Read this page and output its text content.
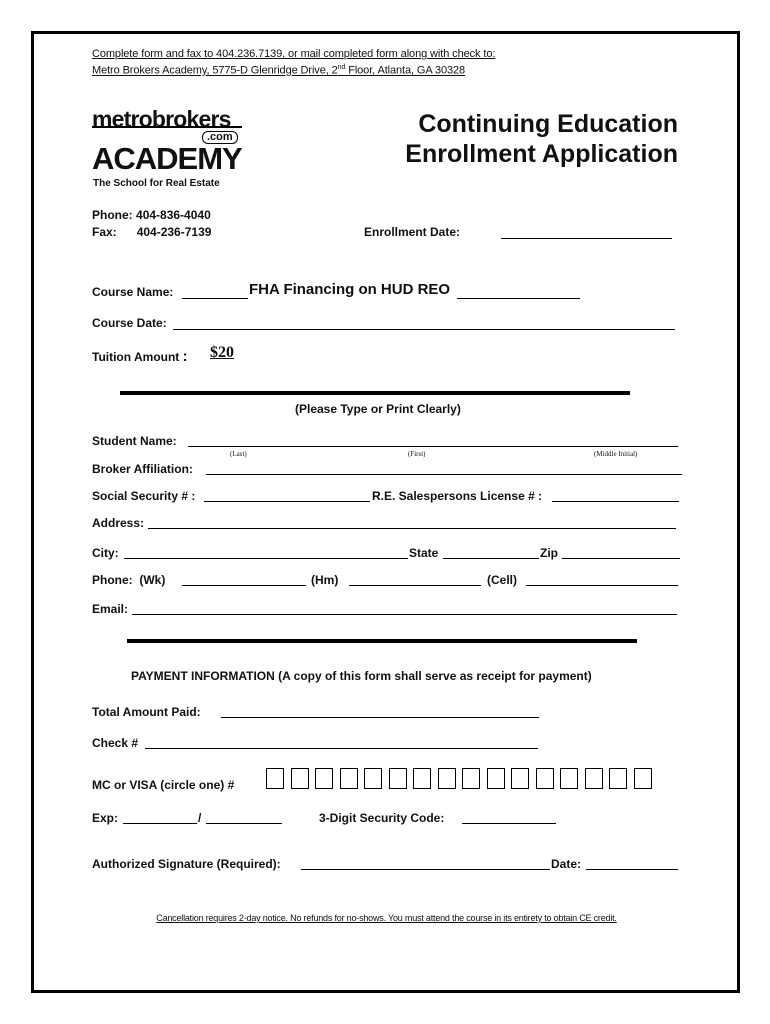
Complete form and fax to 404.236.7139, or mail completed form along with check to:
Metro Brokers Academy, 5775-D Glenridge Drive, 2nd Floor, Atlanta, GA 30328
metrobrokers
.com
ACADEMY
The School for Real Estate
Continuing Education
Enrollment Application
Phone: 404-836-4040
Fax: 404-236-7139	Enrollment Date:
Course Name:	FHA Financing on HUD REO
Course Date:
Tuition Amount : $20
(Please Type or Print Clearly)
Student Name:
(Last)	(First)	(Middle Initial)
Broker Affiliation:
Social Security # :	R.E. Salespersons License # :
Address:
City:	State	Zip
Phone: (Wk)	(Hm)	(Cell)
Email:
PAYMENT INFORMATION (A copy of this form shall serve as receipt for payment)
Total Amount Paid:
Check #
MC or VISA (circle one) #
Exp:	/	3-Digit Security Code:
Authorized Signature (Required):	Date:
Cancellation requires 2-day notice. No refunds for no-shows. You must attend the course in its entirety to obtain CE credit.
